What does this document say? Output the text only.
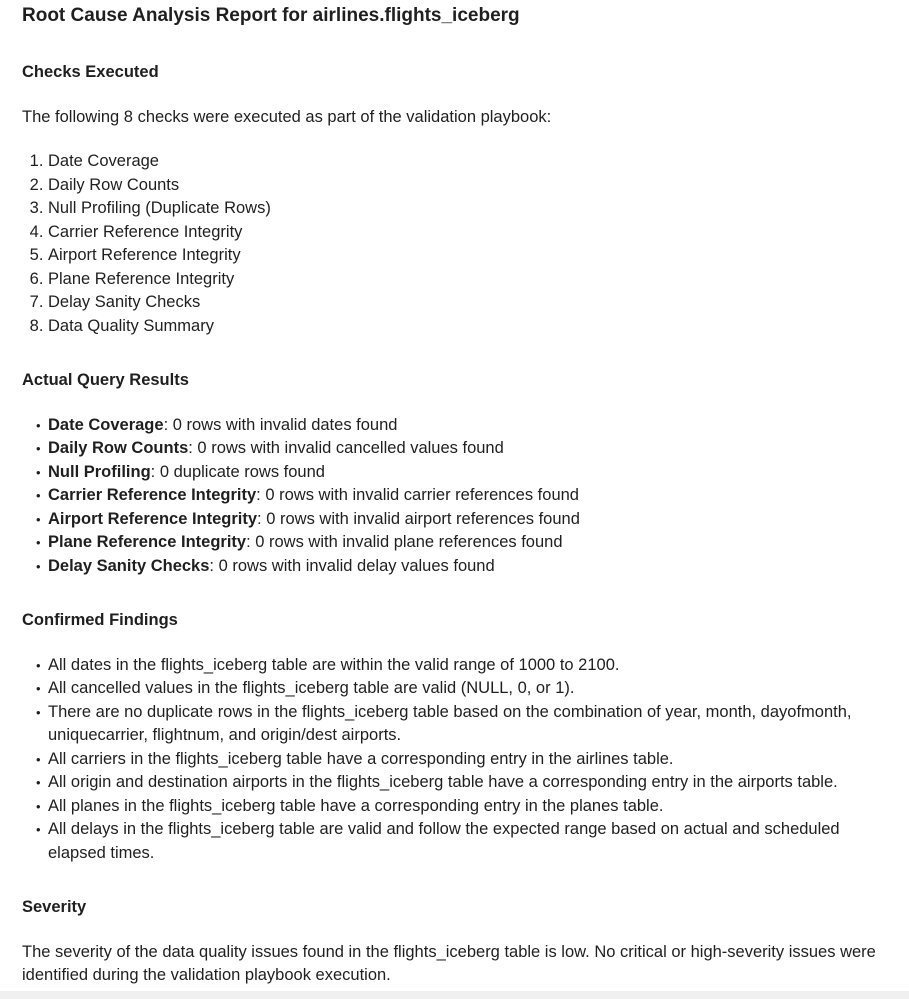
Root Cause Analysis Report for airlines.flights_iceberg
Checks Executed

The following 8 checks were executed as part of the validation playbook:

1. Date Coverage
2. Daily Row Counts
3. Null Profiling (Duplicate Rows)
4. Carrier Reference Integrity
5. Airport Reference Integrity
6. Plane Reference Integrity
7. Delay Sanity Checks
8. Data Quality Summary
Actual Query Results
• Date Coverage: 0 rows with invalid dates found
• Daily Row Counts: 0 rows with invalid cancelled values found
• Null Profiling: 0 duplicate rows found
• Carrier Reference Integrity: 0 rows with invalid carrier references found
• Airport Reference Integrity: 0 rows with invalid airport references found
• Plane Reference Integrity: 0 rows with invalid plane references found
• Delay Sanity Checks: 0 rows with invalid delay values found
Confirmed Findings
• All dates in the flights_iceberg table are within the valid range of 1000 to 2100.
• All cancelled values in the flights_iceberg table are valid (NULL, 0, or 1).
• There are no duplicate rows in the flights_iceberg table based on the combination of year, month, dayofmonth, uniquecarrier, flightnum, and origin/dest airports.
• All carriers in the flights_iceberg table have a corresponding entry in the airlines table.
• All origin and destination airports in the flights_iceberg table have a corresponding entry in the airports table.
• All planes in the flights_iceberg table have a corresponding entry in the planes table.
• All delays in the flights_iceberg table are valid and follow the expected range based on actual and scheduled elapsed times.
Severity

The severity of the data quality issues found in the flights_iceberg table is low. No critical or high-severity issues were identified during the validation playbook execution.
